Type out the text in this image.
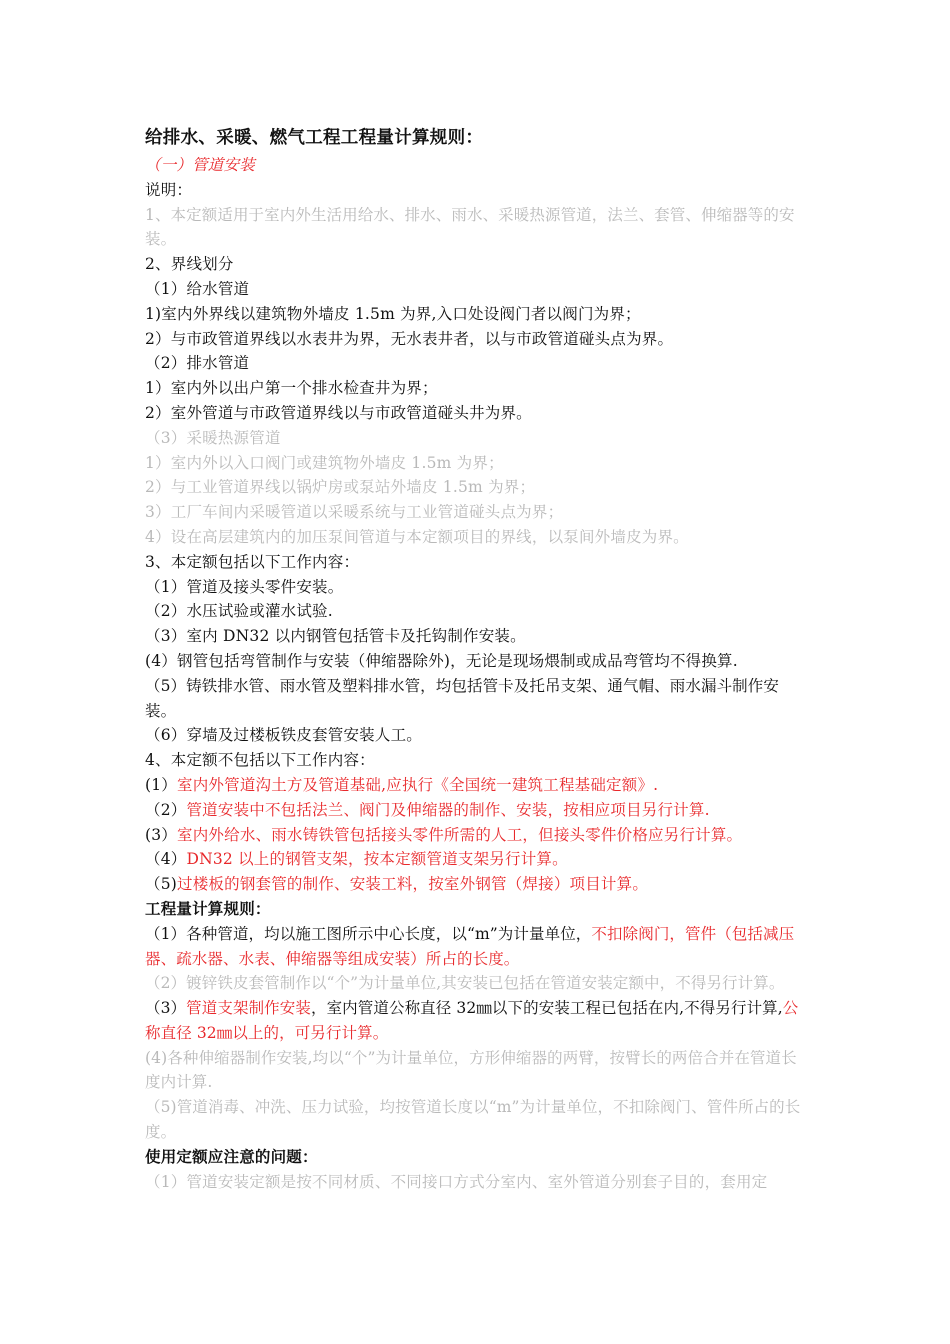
给排水、采暖、燃气工程工程量计算规则：
（一）管道安装
说明：
1、本定额适用于室内外生活用给水、排水、雨水、采暖热源管道，法兰、套管、伸缩器等的安装。
2、界线划分
（1）给水管道
1)室内外界线以建筑物外墙皮 1.5m 为界,入口处设阀门者以阀门为界；
2）与市政管道界线以水表井为界，无水表井者，以与市政管道碰头点为界。
（2）排水管道
1）室内外以出户第一个排水检查井为界；
2）室外管道与市政管道界线以与市政管道碰头井为界。
（3）采暖热源管道
1）室内外以入口阀门或建筑物外墙皮 1.5m 为界；
2）与工业管道界线以锅炉房或泵站外墙皮 1.5m 为界；
3）工厂车间内采暖管道以采暖系统与工业管道碰头点为界；
4）设在高层建筑内的加压泵间管道与本定额项目的界线，以泵间外墙皮为界。
3、本定额包括以下工作内容：
（1）管道及接头零件安装。
（2）水压试验或灌水试验.
（3）室内 DN32 以内钢管包括管卡及托钩制作安装。
(4）钢管包括弯管制作与安装（伸缩器除外)，无论是现场煨制或成品弯管均不得换算.
（5）铸铁排水管、雨水管及塑料排水管，均包括管卡及托吊支架、通气帽、雨水漏斗制作安装。
（6）穿墙及过楼板铁皮套管安装人工。
4、本定额不包括以下工作内容：
(1）室内外管道沟土方及管道基础,应执行《全国统一建筑工程基础定额》.
（2）管道安装中不包括法兰、阀门及伸缩器的制作、安装，按相应项目另行计算.
(3）室内外给水、雨水铸铁管包括接头零件所需的人工，但接头零件价格应另行计算。
（4）DN32 以上的钢管支架，按本定额管道支架另行计算。
（5)过楼板的钢套管的制作、安装工料，按室外钢管（焊接）项目计算。
工程量计算规则：
（1）各种管道，均以施工图所示中心长度，以“m”为计量单位，不扣除阀门，管件（包括减压器、疏水器、水表、伸缩器等组成安装）所占的长度。
（2）镀锌铁皮套管制作以“个”为计量单位,其安装已包括在管道安装定额中，不得另行计算。
（3）管道支架制作安装，室内管道公称直径 32㎜以下的安装工程已包括在内,不得另行计算,公称直径 32㎜以上的，可另行计算。
(4)各种伸缩器制作安装,均以“个”为计量单位，方形伸缩器的两臂，按臂长的两倍合并在管道长度内计算.
（5)管道消毒、冲洗、压力试验，均按管道长度以“m”为计量单位，不扣除阀门、管件所占的长度。
使用定额应注意的问题：
（1）管道安装定额是按不同材质、不同接口方式分室内、室外管道分别套子目的，套用定
